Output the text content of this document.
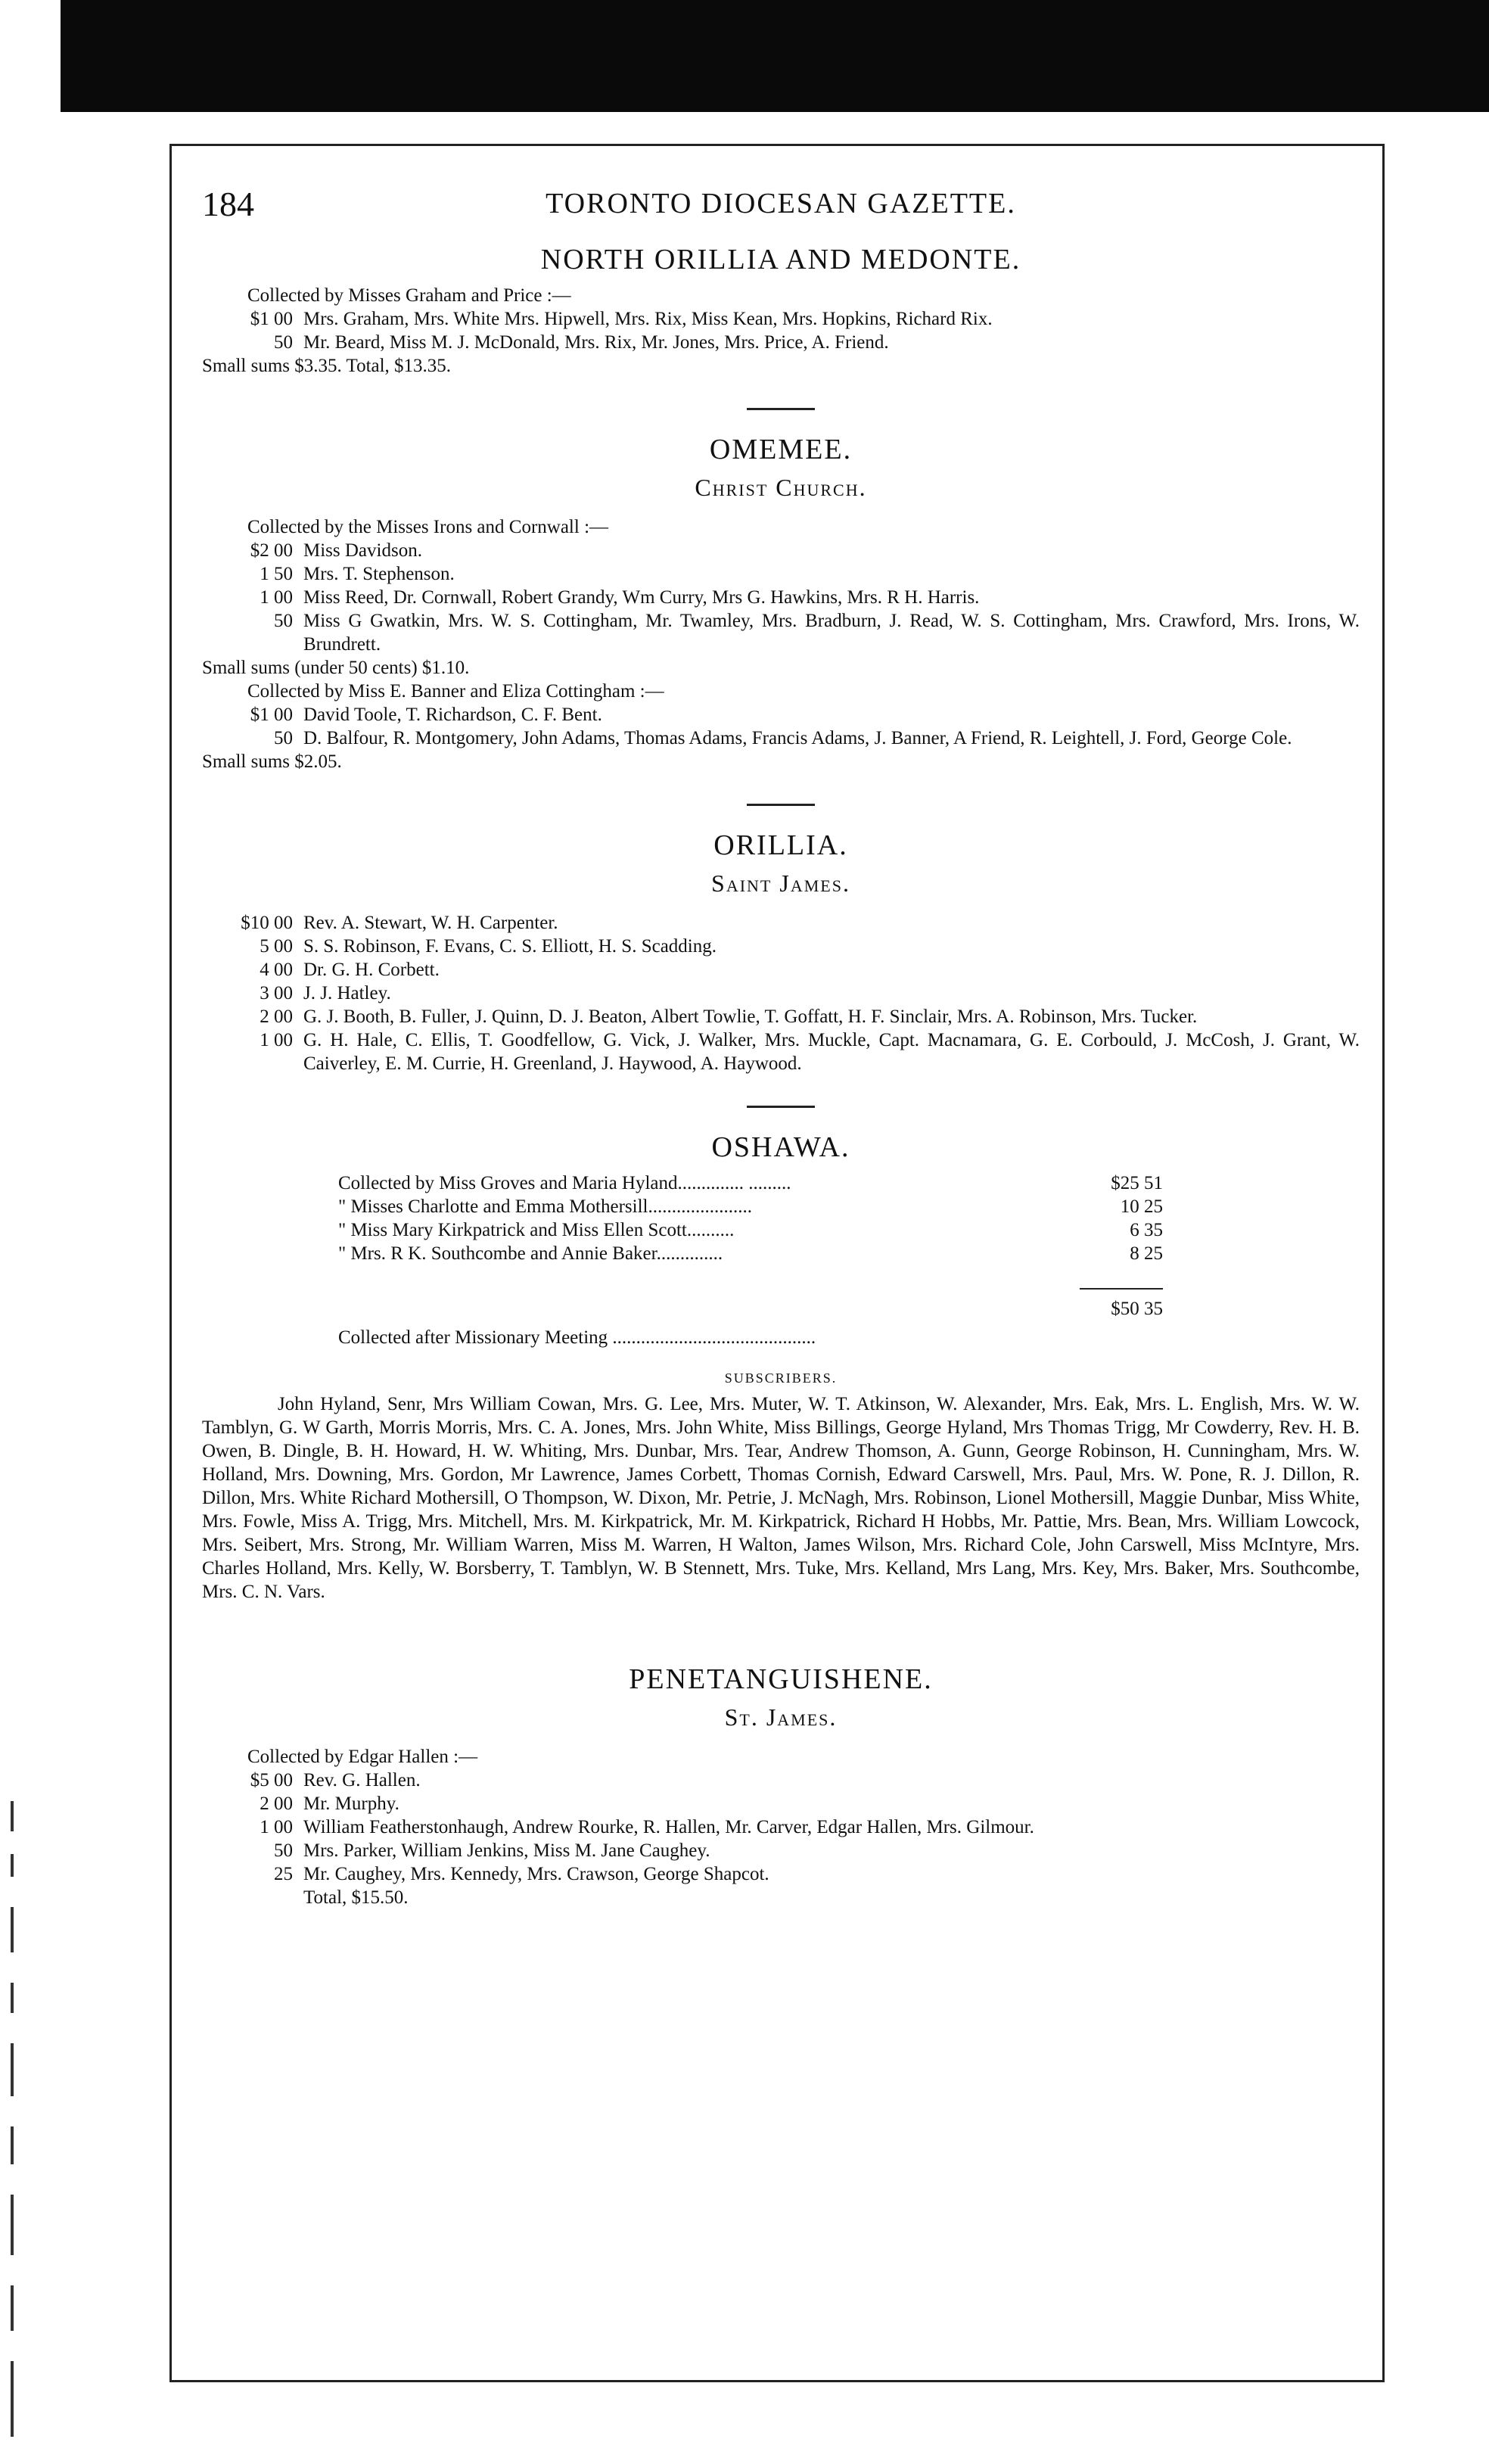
184	TORONTO DIOCESAN GAZETTE.
NORTH ORILLIA AND MEDONTE.
Collected by Misses Graham and Price :—
$1 00 Mrs. Graham, Mrs. White Mrs. Hipwell, Mrs. Rix, Miss Kean, Mrs. Hopkins, Richard Rix.
50 Mr. Beard, Miss M. J. McDonald, Mrs. Rix, Mr. Jones, Mrs. Price, A. Friend.
Small sums $3.35. Total, $13.35.
OMEMEE.
Christ Church.
Collected by the Misses Irons and Cornwall :—
$2 00 Miss Davidson.
1 50 Mrs. T. Stephenson.
1 00 Miss Reed, Dr. Cornwall, Robert Grandy, Wm Curry, Mrs G. Hawkins, Mrs. R H. Harris.
50 Miss G Gwatkin, Mrs. W. S. Cottingham, Mr. Twamley, Mrs. Bradburn, J. Read, W. S. Cottingham, Mrs. Crawford, Mrs. Irons, W. Brundrett.
Small sums (under 50 cents) $1.10.
Collected by Miss E. Banner and Eliza Cottingham :—
$1 00 David Toole, T. Richardson, C. F. Bent.
50 D. Balfour, R. Montgomery, John Adams, Thomas Adams, Francis Adams, J. Banner, A Friend, R. Leightell, J. Ford, George Cole.
Small sums $2.05.
ORILLIA.
Saint James.
$10 00 Rev. A. Stewart, W. H. Carpenter.
5 00 S. S. Robinson, F. Evans, C. S. Elliott, H. S. Scadding.
4 00 Dr. G. H. Corbett.
3 00 J. J. Hatley.
2 00 G. J. Booth, B. Fuller, J. Quinn, D. J. Beaton, Albert Towlie, T. Goffatt, H. F. Sinclair, Mrs. A. Robinson, Mrs. Tucker.
1 00 G. H. Hale, C. Ellis, T. Goodfellow, G. Vick, J. Walker, Mrs. Muckle, Capt. Macnamara, G. E. Corbould, J. McCosh, J. Grant, W. Caiverley, E. M. Currie, H. Greenland, J. Haywood, A. Haywood.
OSHAWA.
Collected by Miss Groves and Maria Hyland.............. .........	$25 51
" Misses Charlotte and Emma Mothersill......................	10 25
" Miss Mary Kirkpatrick and Miss Ellen Scott..........	6 35
" Mrs. R K. Southcombe and Annie Baker..............	8 25
$50 35
Collected after Missionary Meeting ...........................................
SUBSCRIBERS.
John Hyland, Senr, Mrs William Cowan, Mrs. G. Lee, Mrs. Muter, W. T. Atkinson, W. Alexander, Mrs. Eak, Mrs. L. English, Mrs. W. W. Tamblyn, G. W Garth, Morris Morris, Mrs. C. A. Jones, Mrs. John White, Miss Billings, George Hyland, Mrs Thomas Trigg, Mr Cowderry, Rev. H. B. Owen, B. Dingle, B. H. Howard, H. W. Whiting, Mrs. Dunbar, Mrs. Tear, Andrew Thomson, A. Gunn, George Robinson, H. Cunningham, Mrs. W. Holland, Mrs. Downing, Mrs. Gordon, Mr Lawrence, James Corbett, Thomas Cornish, Edward Carswell, Mrs. Paul, Mrs. W. Pone, R. J. Dillon, R. Dillon, Mrs. White Richard Mothersill, O Thompson, W. Dixon, Mr. Petrie, J. McNagh, Mrs. Robinson, Lionel Mothersill, Maggie Dunbar, Miss White, Mrs. Fowle, Miss A. Trigg, Mrs. Mitchell, Mrs. M. Kirkpatrick, Mr. M. Kirkpatrick, Richard H Hobbs, Mr. Pattie, Mrs. Bean, Mrs. William Lowcock, Mrs. Seibert, Mrs. Strong, Mr. William Warren, Miss M. Warren, H Walton, James Wilson, Mrs. Richard Cole, John Carswell, Miss McIntyre, Mrs. Charles Holland, Mrs. Kelly, W. Borsberry, T. Tamblyn, W. B Stennett, Mrs. Tuke, Mrs. Kelland, Mrs Lang, Mrs. Key, Mrs. Baker, Mrs. Southcombe, Mrs. C. N. Vars.
PENETANGUISHENE.
St. James.
Collected by Edgar Hallen :—
$5 00 Rev. G. Hallen.
2 00 Mr. Murphy.
1 00 William Featherstonhaugh, Andrew Rourke, R. Hallen, Mr. Carver, Edgar Hallen, Mrs. Gilmour.
50 Mrs. Parker, William Jenkins, Miss M. Jane Caughey.
25 Mr. Caughey, Mrs. Kennedy, Mrs. Crawson, George Shapcot.
Total, $15.50.
